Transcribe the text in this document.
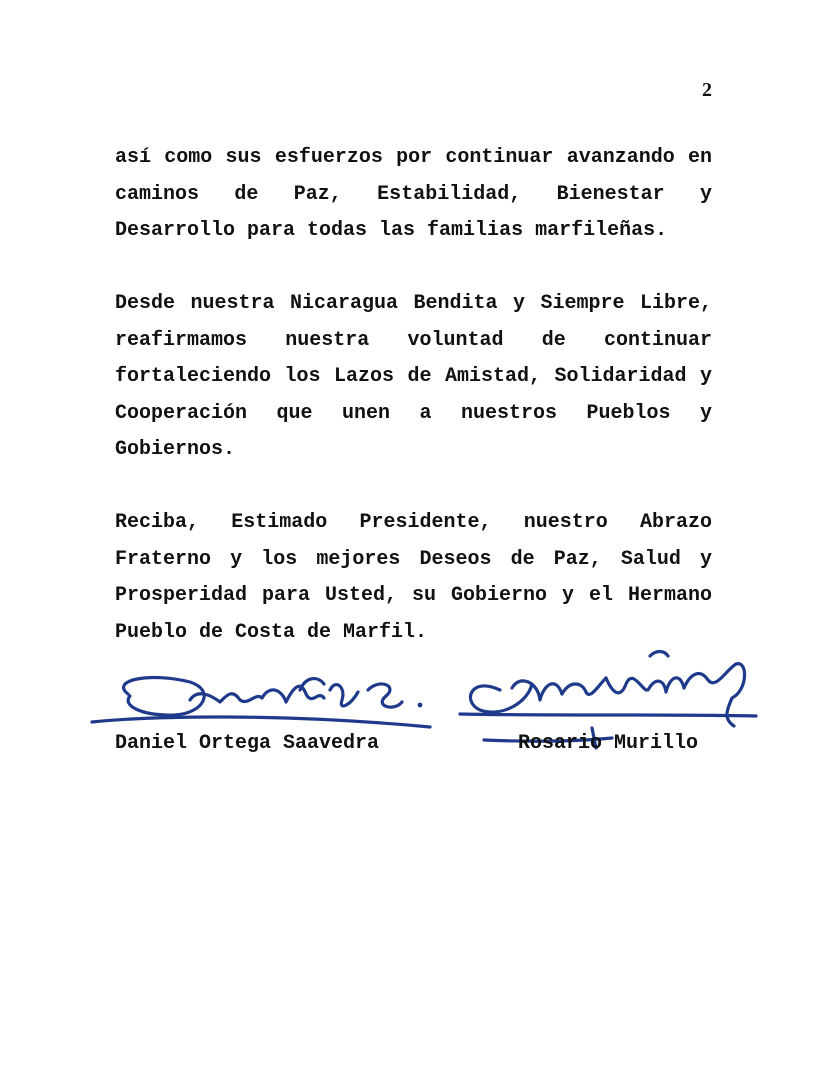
2

así como sus esfuerzos por continuar avanzando en caminos de Paz, Estabilidad, Bienestar y Desarrollo para todas las familias marfileñas.

Desde nuestra Nicaragua Bendita y Siempre Libre, reafirmamos nuestra voluntad de continuar fortaleciendo los Lazos de Amistad, Solidaridad y Cooperación que unen a nuestros Pueblos y Gobiernos.

Reciba, Estimado Presidente, nuestro Abrazo Fraterno y los mejores Deseos de Paz, Salud y Prosperidad para Usted, su Gobierno y el Hermano Pueblo de Costa de Marfil.

Daniel Ortega Saavedra	Rosario Murillo
